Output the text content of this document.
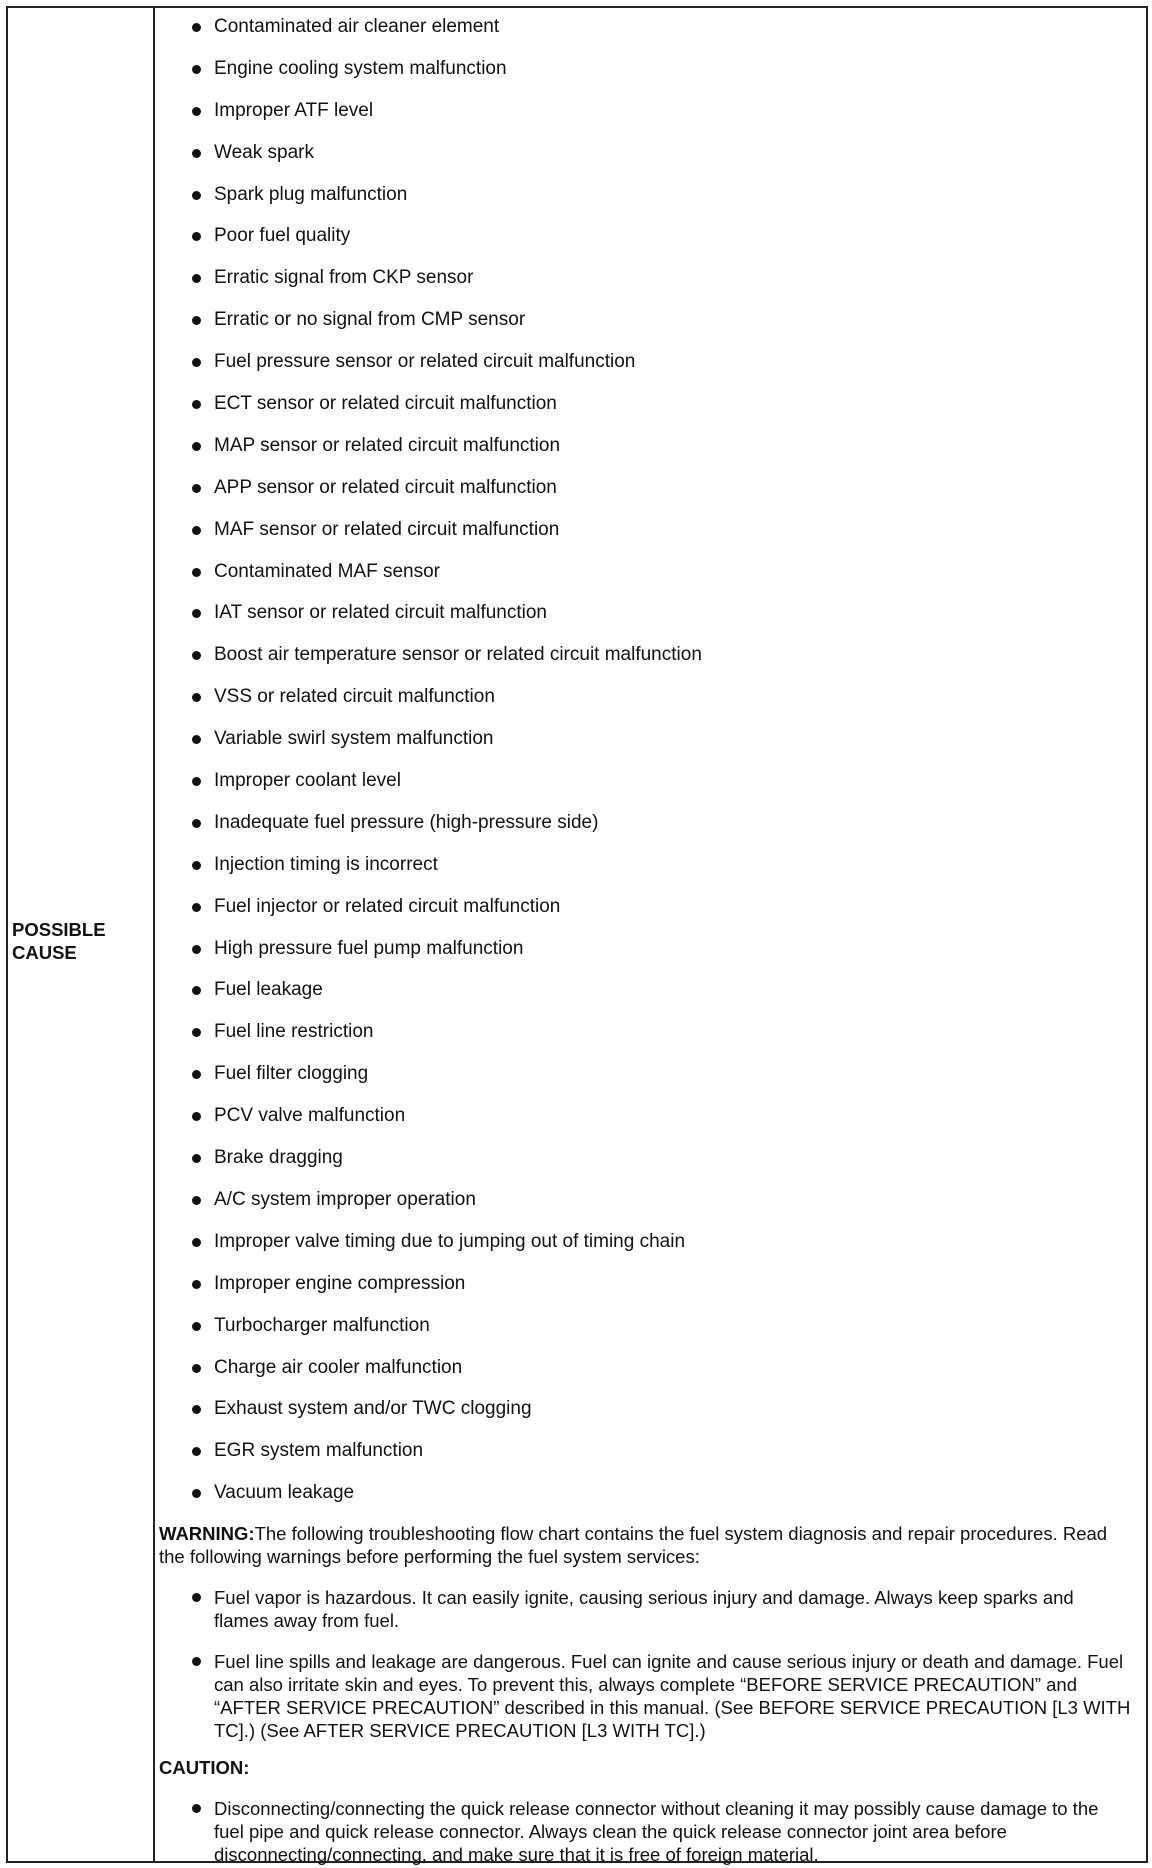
POSSIBLE
CAUSE
Contaminated air cleaner element
Engine cooling system malfunction
Improper ATF level
Weak spark
Spark plug malfunction
Poor fuel quality
Erratic signal from CKP sensor
Erratic or no signal from CMP sensor
Fuel pressure sensor or related circuit malfunction
ECT sensor or related circuit malfunction
MAP sensor or related circuit malfunction
APP sensor or related circuit malfunction
MAF sensor or related circuit malfunction
Contaminated MAF sensor
IAT sensor or related circuit malfunction
Boost air temperature sensor or related circuit malfunction
VSS or related circuit malfunction
Variable swirl system malfunction
Improper coolant level
Inadequate fuel pressure (high-pressure side)
Injection timing is incorrect
Fuel injector or related circuit malfunction
High pressure fuel pump malfunction
Fuel leakage
Fuel line restriction
Fuel filter clogging
PCV valve malfunction
Brake dragging
A/C system improper operation
Improper valve timing due to jumping out of timing chain
Improper engine compression
Turbocharger malfunction
Charge air cooler malfunction
Exhaust system and/or TWC clogging
EGR system malfunction
Vacuum leakage
WARNING:The following troubleshooting flow chart contains the fuel system diagnosis and repair procedures. Read the following warnings before performing the fuel system services:
Fuel vapor is hazardous. It can easily ignite, causing serious injury and damage. Always keep sparks and flames away from fuel.
Fuel line spills and leakage are dangerous. Fuel can ignite and cause serious injury or death and damage. Fuel can also irritate skin and eyes. To prevent this, always complete “BEFORE SERVICE PRECAUTION” and “AFTER SERVICE PRECAUTION” described in this manual. (See BEFORE SERVICE PRECAUTION [L3 WITH TC].) (See AFTER SERVICE PRECAUTION [L3 WITH TC].)
CAUTION:
Disconnecting/connecting the quick release connector without cleaning it may possibly cause damage to the fuel pipe and quick release connector. Always clean the quick release connector joint area before disconnecting/connecting, and make sure that it is free of foreign material.
